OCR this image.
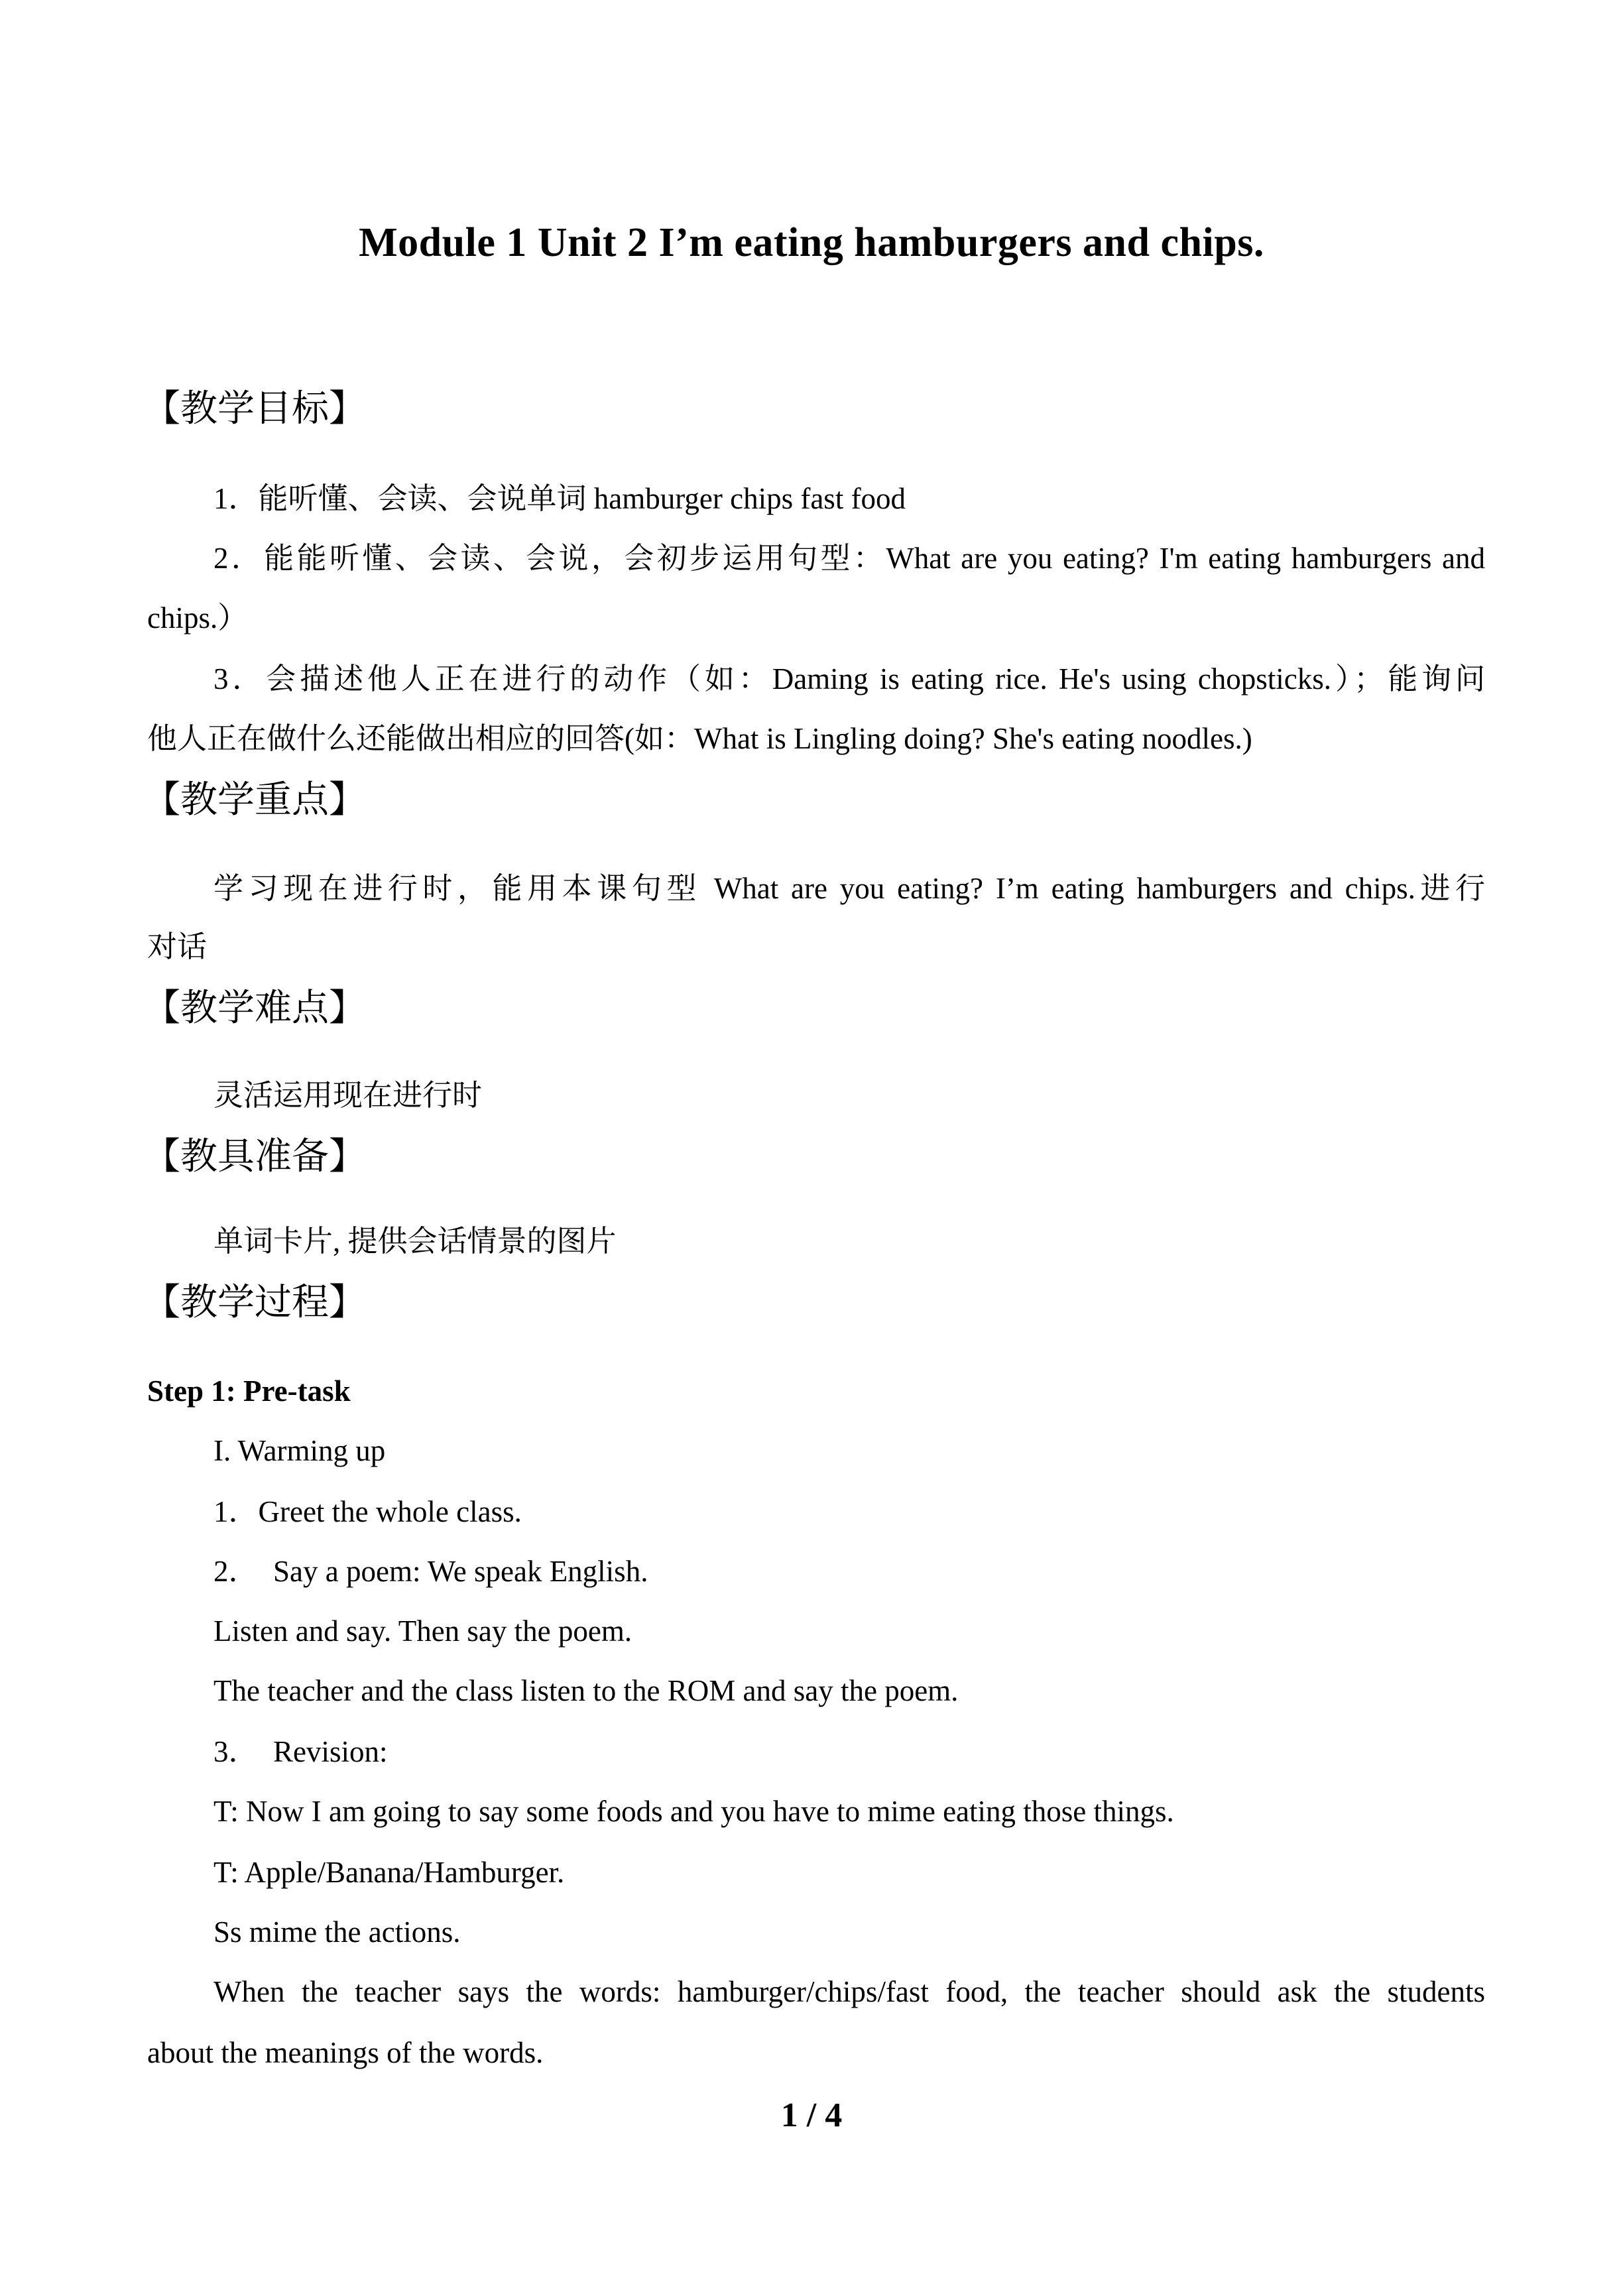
Module 1 Unit 2 I’m eating hamburgers and chips.
【教学目标】
1．能听懂、会读、会说单词 hamburger chips fast food
2．能能听懂、会读、会说，会初步运用句型：What are you eating? I'm eating hamburgers and
chips.）
3．会描述他人正在进行的动作（如：Daming is eating rice. He's using chopsticks.）；能询问
他人正在做什么还能做出相应的回答(如：What is Lingling doing? She's eating noodles.)
【教学重点】
学习现在进行时，能用本课句型 What are you eating? I’m eating hamburgers and chips.进行
对话
【教学难点】
灵活运用现在进行时
【教具准备】
单词卡片, 提供会话情景的图片
【教学过程】
Step 1: Pre-task
I. Warming up
1．Greet the whole class.
2．  Say a poem: We speak English.
Listen and say. Then say the poem.
The teacher and the class listen to the ROM and say the poem.
3．  Revision:
T: Now I am going to say some foods and you have to mime eating those things.
T: Apple/Banana/Hamburger.
Ss mime the actions.
When the teacher says the words: hamburger/chips/fast food, the teacher should ask the students
about the meanings of the words.
1 / 4
